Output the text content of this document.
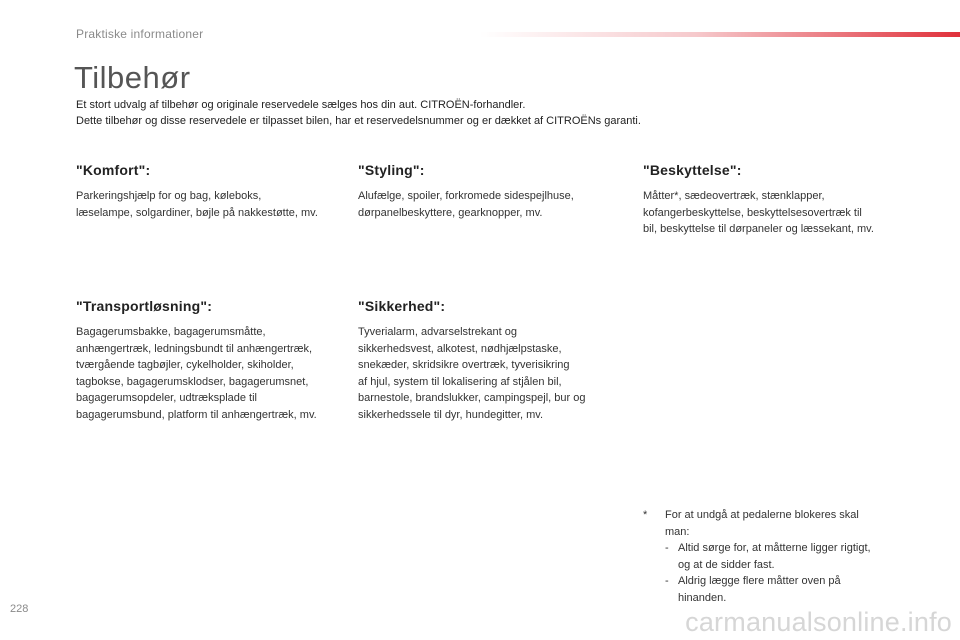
Praktiske informationer
Tilbehør

Et stort udvalg af tilbehør og originale reservedele sælges hos din aut. CITROËN-forhandler.

Dette tilbehør og disse reservedele er tilpasset bilen, har et reservedelsnummer og er dækket af CITROËNs garanti.

"Komfort":

Parkeringshjælp for og bag, køleboks,
læselampe, solgardiner, bøjle på nakkestøtte, mv.

"Styling":

Alufælge, spoiler, forkromede sidespejlhuse,
dørpanelbeskyttere, gearknopper, mv.

"Beskyttelse":

Måtter*, sædeovertræk, stænklapper,
kofangerbeskyttelse, beskyttelsesovertræk til
bil, beskyttelse til dørpaneler og læssekant, mv.

"Transportløsning":

Bagagerumsbakke, bagagerumsmåtte,
anhængertræk, ledningsbundt til anhængertræk,
tværgående tagbøjler, cykelholder, skiholder,
tagbokse, bagagerumsklodser, bagagerumsnet,
bagagerumsopdeler, udtræksplade til
bagagerumsbund, platform til anhængertræk, mv.

"Sikkerhed":

Tyverialarm, advarselstrekant og
sikkerhedsvest, alkotest, nødhjælpstaske,
snekæder, skridsikre overtræk, tyverisikring
af hjul, system til lokalisering af stjålen bil,
barnestole, brandslukker, campingspejl, bur og
sikkerhedssele til dyr, hundegitter, mv.

* For at undgå at pedalerne blokeres skal
man:
- Altid sørge for, at måtterne ligger rigtigt,
og at de sidder fast.
- Aldrig lægge flere måtter oven på
hinanden.
228	carmanualsonline.info
